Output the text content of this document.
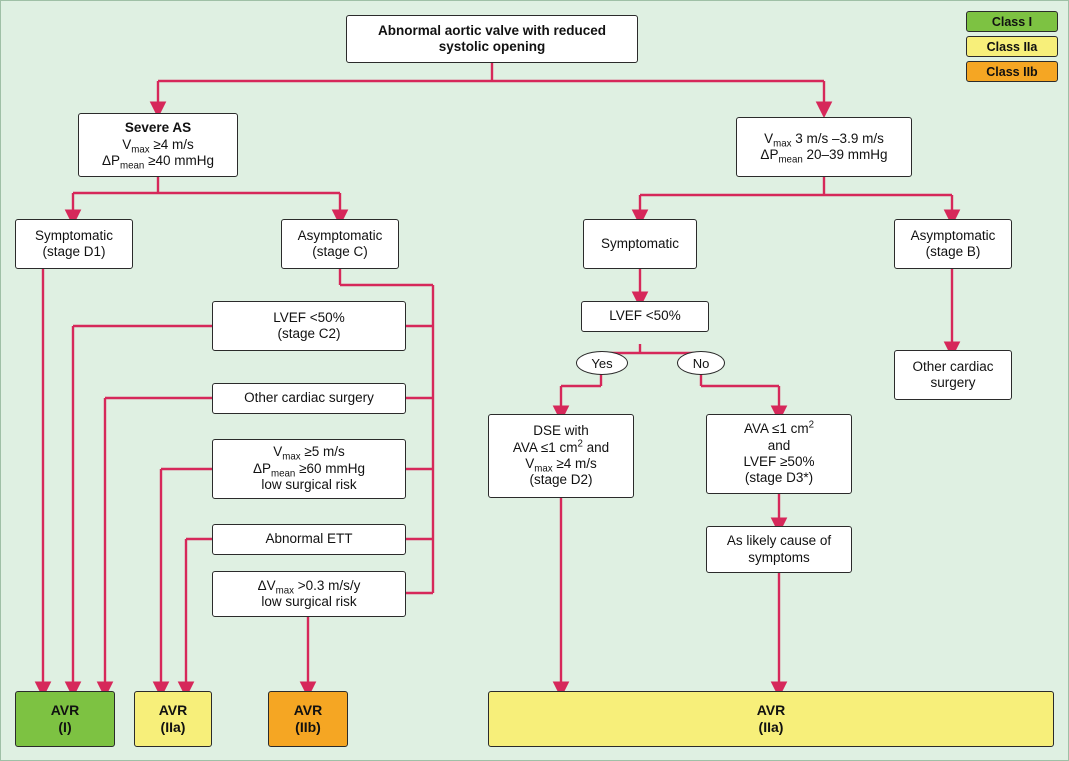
Class I
Class IIa
Class IIb
Abnormal aortic valve with reduced
systolic opening
Severe AS
$V_{max} \ge 4$ m/s
$\Delta P_{mean} \ge 40$ mmHg
$V_{max}$ 3 m/s –3.9 m/s
$\Delta P_{mean}$ 20–39 mmHg
Symptomatic
(stage D1)
Asymptomatic
(stage C)
LVEF <50%
(stage C2)
Other cardiac surgery
$V_{max} \ge 5$ m/s
$\Delta P_{mean} \ge 60$ mmHg
low surgical risk
Abnormal ETT
$\Delta V_{max} >0.3$ m/s/y
low surgical risk
Symptomatic
Asymptomatic
(stage B)
LVEF <50%
Yes	No
DSE with
AVA ≤1 $cm^2$ and
$V_{max} \ge 4$ m/s
(stage D2)
AVA ≤1 $cm^2$
and
LVEF ≥50%
(stage D3*)
As likely cause of
symptoms
Other cardiac
surgery
AVR
(I)
AVR
(IIa)
AVR
(IIb)
AVR
(IIa)
